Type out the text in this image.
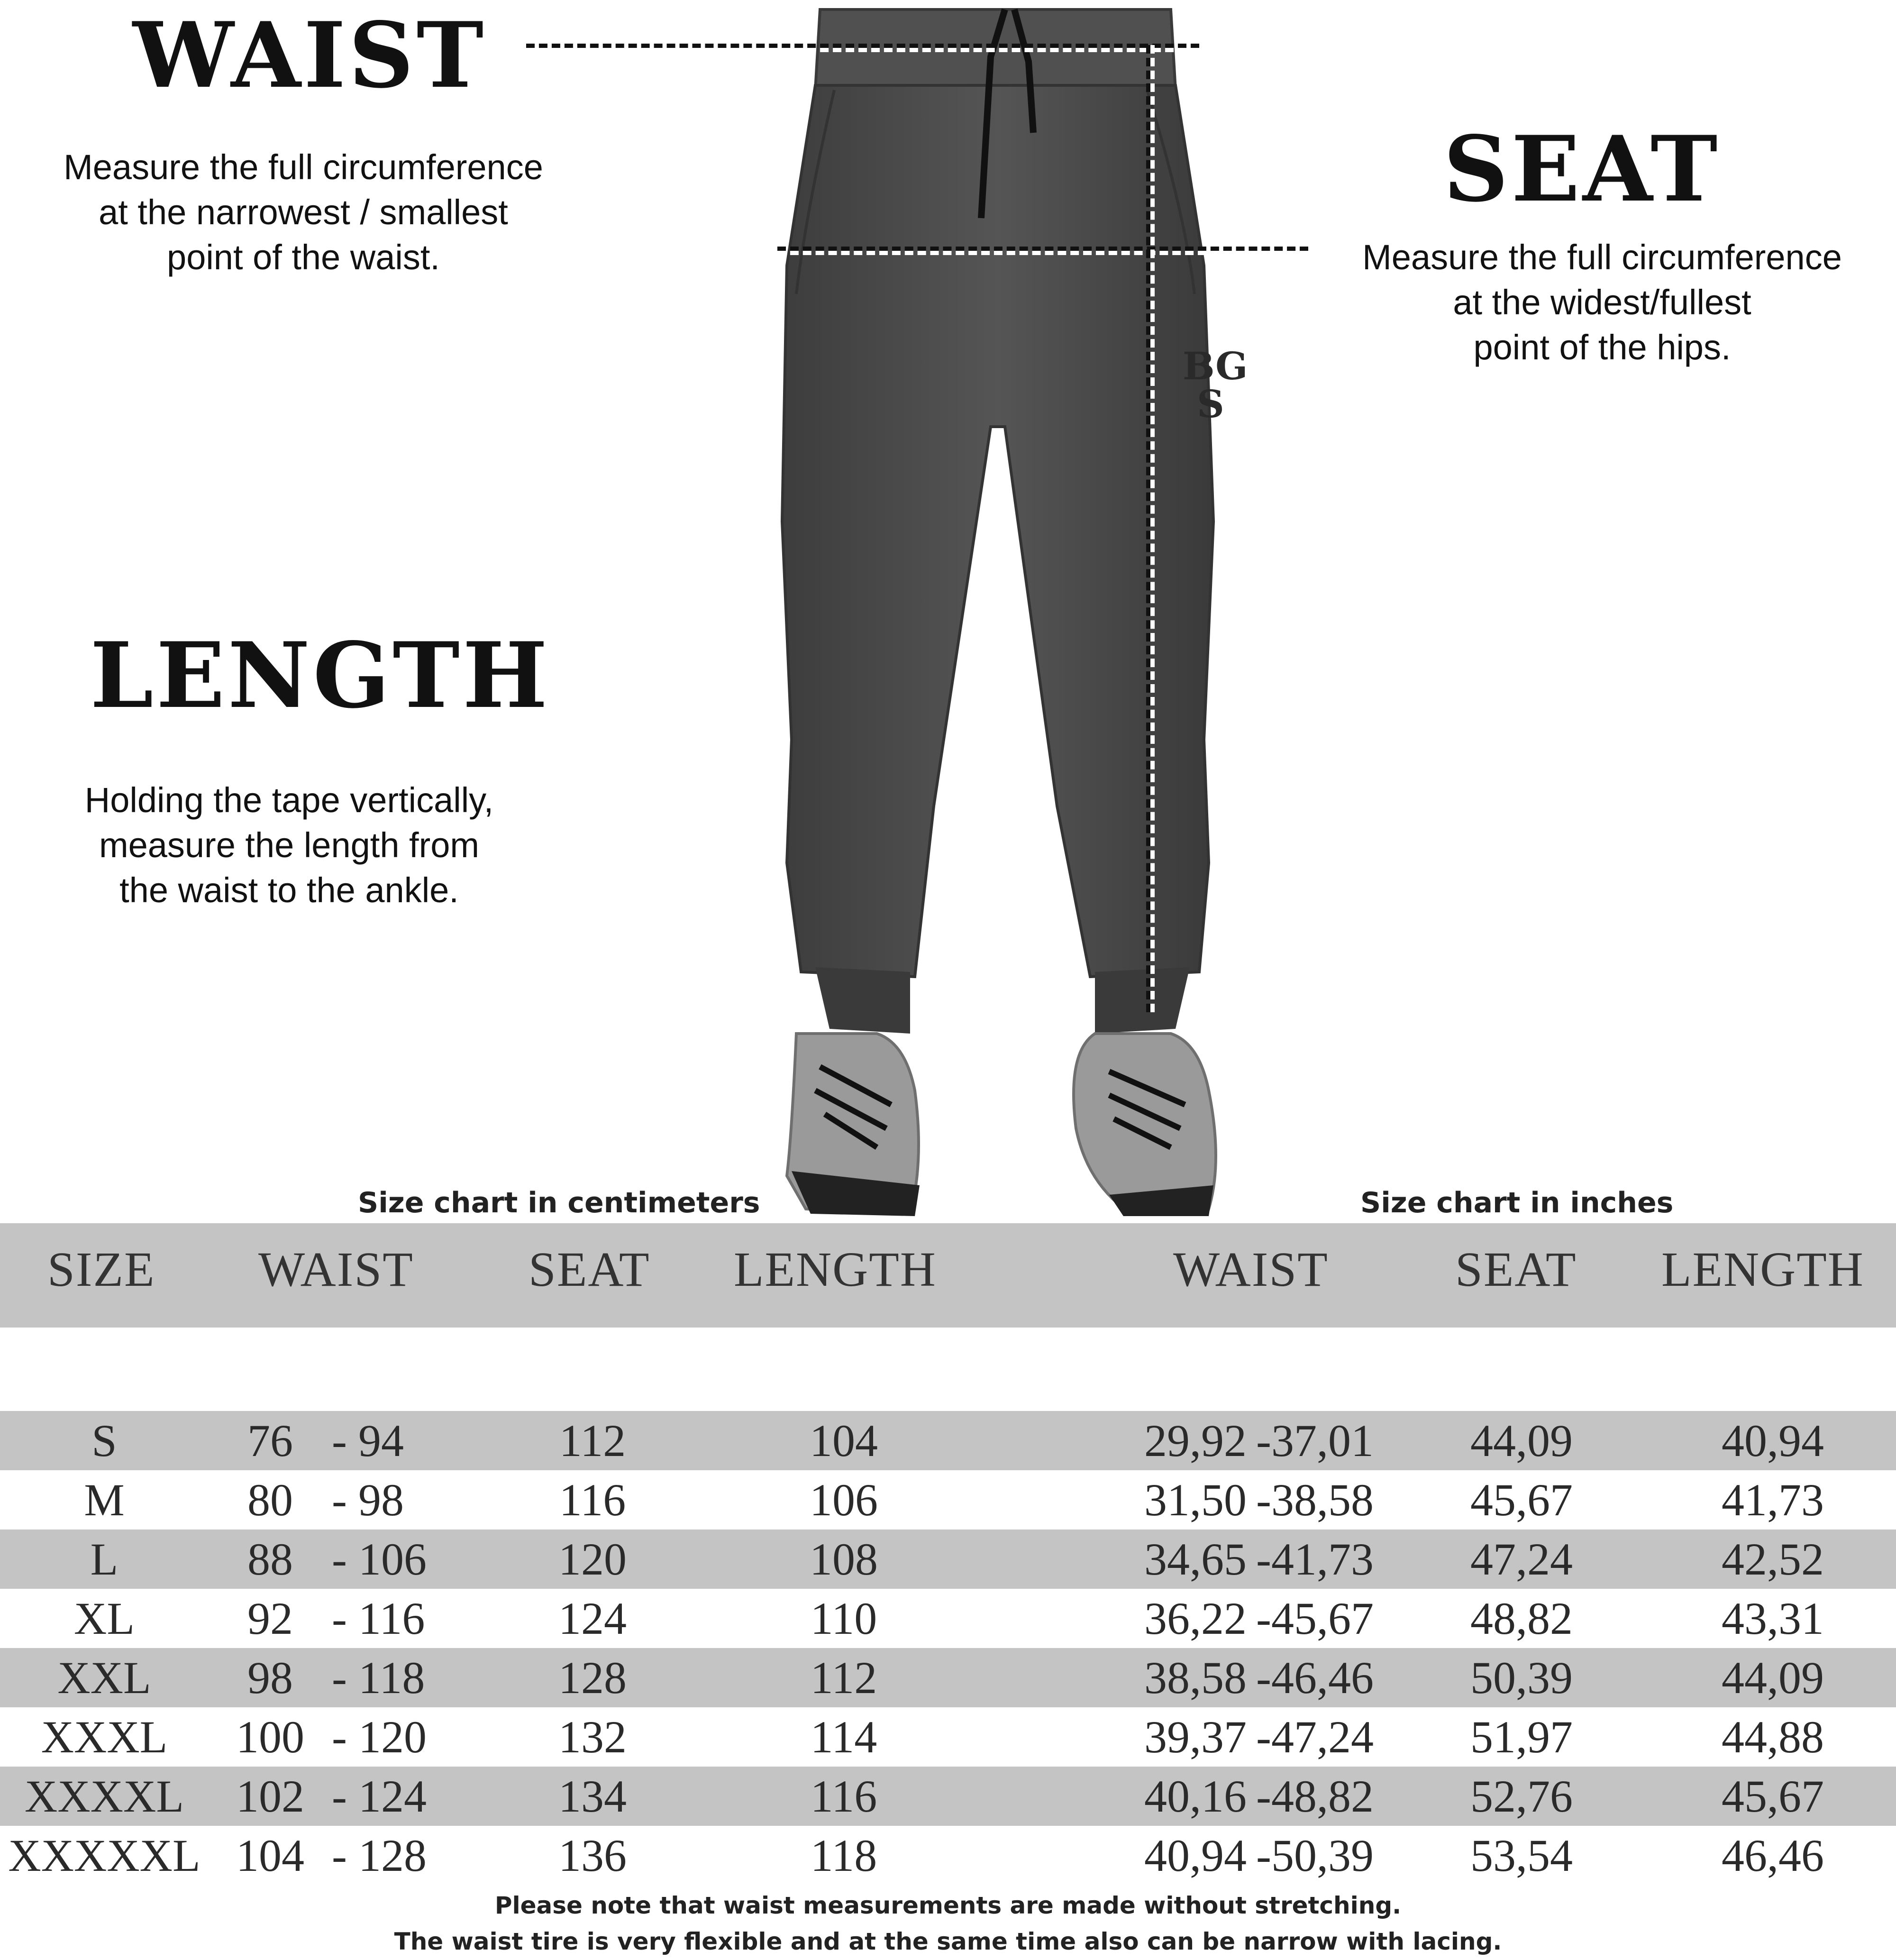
WAIST
Measure the full circumference
at the narrowest / smallest
point of the waist.
SEAT
Measure the full circumference
at the widest/fullest
point of the hips.
LENGTH
Holding the tape vertically,
measure the length from
the waist to the ankle.
BG
S
Size chart in centimeters	Size chart in inches
SIZE WAIST SEAT LENGTH	WAIST	SEAT LENGTH
S	76 - 94	112	104	29,92 -37,01	44,09	40,94
M	80 - 98	116	106	31,50 -38,58	45,67	41,73
L	88 - 106	120	108	34,65 -41,73	47,24	42,52
XL	92 - 116	124	110	36,22 -45,67	48,82	43,31
XXL	98 - 118	128	112	38,58 -46,46	50,39	44,09
XXXL	100 - 120	132	114	39,37 -47,24	51,97	44,88
XXXXL	102 - 124	134	116	40,16 -48,82	52,76	45,67
XXXXXL 104 - 128	136	118	40,94 -50,39	53,54	46,46
Please note that waist measurements are made without stretching.
The waist tire is very flexible and at the same time also can be narrow with lacing.
